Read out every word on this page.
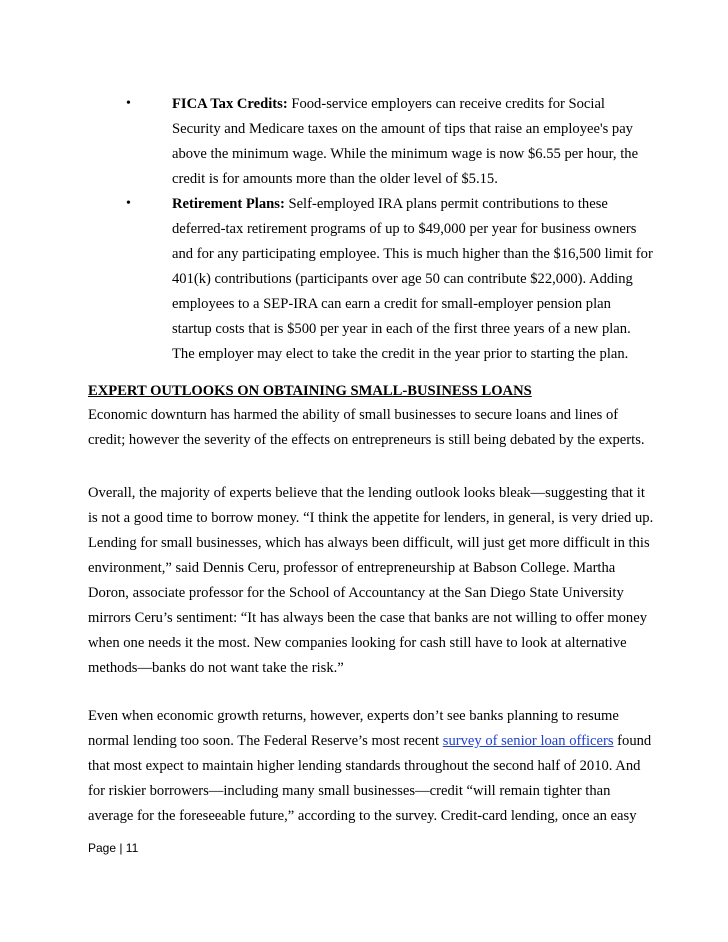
•	FICA Tax Credits: Food-service employers can receive credits for Social
Security and Medicare taxes on the amount of tips that raise an employee's pay
above the minimum wage. While the minimum wage is now $6.55 per hour, the
credit is for amounts more than the older level of $5.15.
•	Retirement Plans: Self-employed IRA plans permit contributions to these
deferred-tax retirement programs of up to $49,000 per year for business owners
and for any participating employee. This is much higher than the $16,500 limit for
401(k) contributions (participants over age 50 can contribute $22,000). Adding
employees to a SEP-IRA can earn a credit for small-employer pension plan
startup costs that is $500 per year in each of the first three years of a new plan.
The employer may elect to take the credit in the year prior to starting the plan.
EXPERT OUTLOOKS ON OBTAINING SMALL-BUSINESS LOANS
Economic downturn has harmed the ability of small businesses to secure loans and lines of
credit; however the severity of the effects on entrepreneurs is still being debated by the experts.
Overall, the majority of experts believe that the lending outlook looks bleak—suggesting that it
is not a good time to borrow money. “I think the appetite for lenders, in general, is very dried up.
Lending for small businesses, which has always been difficult, will just get more difficult in this
environment,” said Dennis Ceru, professor of entrepreneurship at Babson College. Martha
Doron, associate professor for the School of Accountancy at the San Diego State University
mirrors Ceru’s sentiment: “It has always been the case that banks are not willing to offer money
when one needs it the most. New companies looking for cash still have to look at alternative
methods—banks do not want take the risk.”
Even when economic growth returns, however, experts don’t see banks planning to resume
normal lending too soon. The Federal Reserve’s most recent survey of senior loan officers found
that most expect to maintain higher lending standards throughout the second half of 2010. And
for riskier borrowers—including many small businesses—credit “will remain tighter than
average for the foreseeable future,” according to the survey. Credit-card lending, once an easy
Page | 11
